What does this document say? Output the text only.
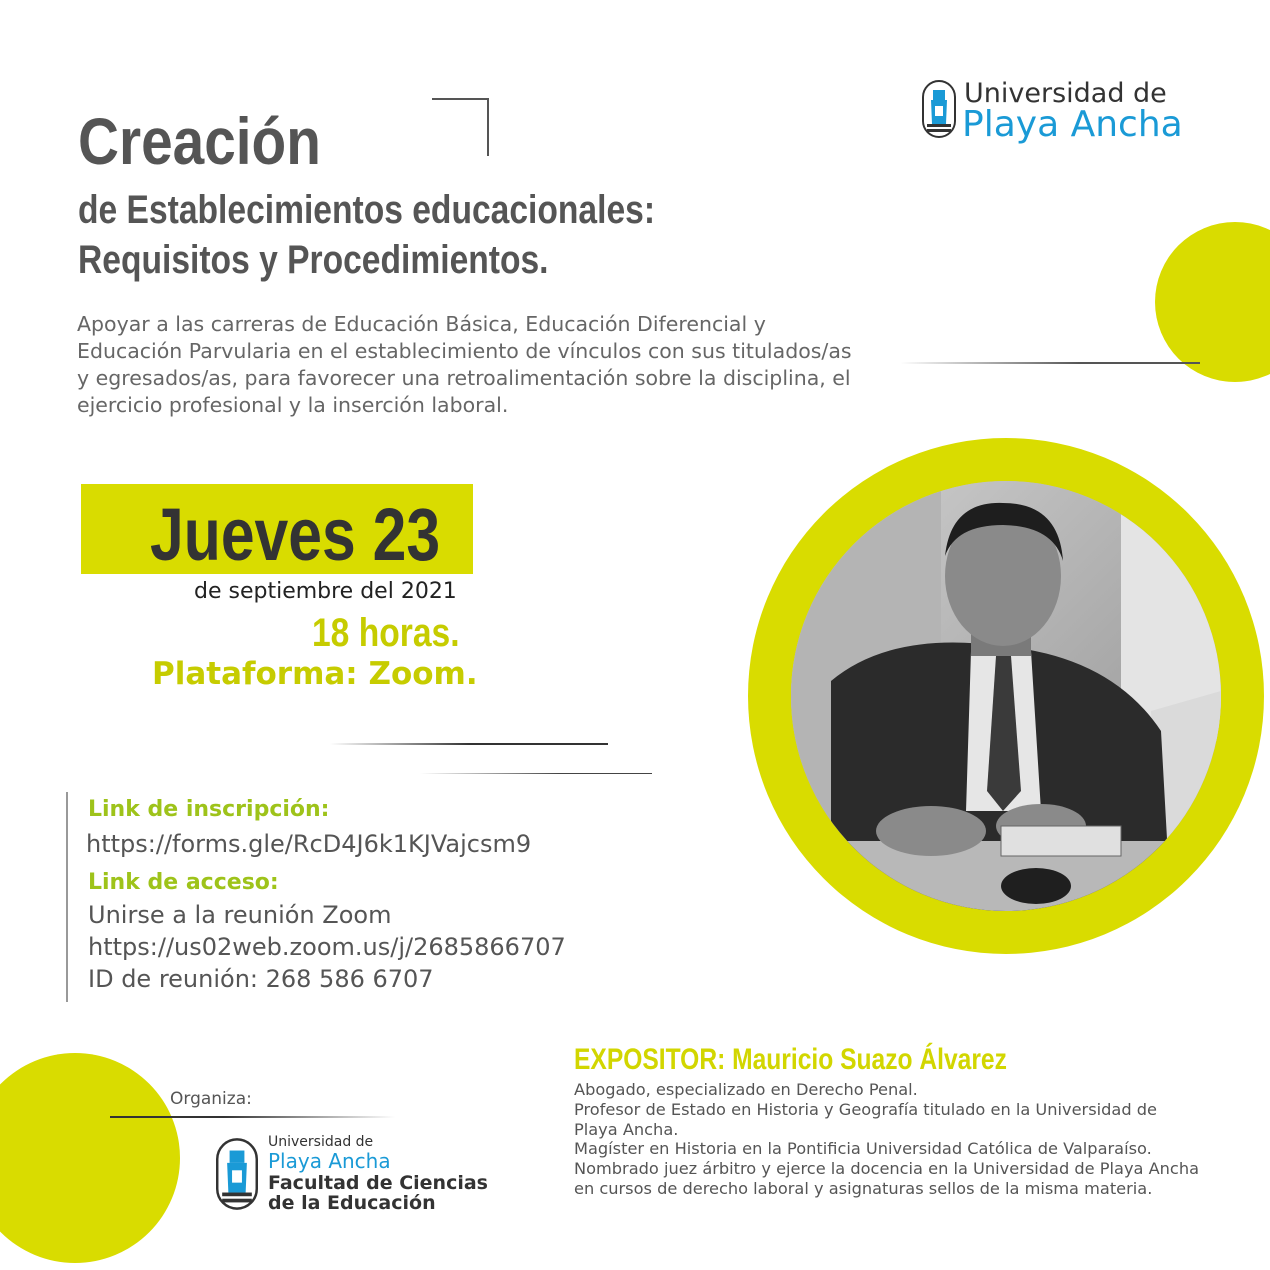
Universidad de
Playa Ancha
Creación
de Establecimientos educacionales:
Requisitos y Procedimientos.
Apoyar a las carreras de Educación Básica, Educación Diferencial y Educación Parvularia en el establecimiento de vínculos con sus titulados/as y egresados/as, para favorecer una retroalimentación sobre la disciplina, el ejercicio profesional y la inserción laboral.
Jueves 23
de septiembre del 2021
18 horas.
Plataforma: Zoom.
Link de inscripción:
https://forms.gle/RcD4J6k1KJVajcsm9
Link de acceso:
Unirse a la reunión Zoom
https://us02web.zoom.us/j/2685866707
ID de reunión: 268 586 6707
EXPOSITOR: Mauricio Suazo Álvarez
Abogado, especializado en Derecho Penal.
Profesor de Estado en Historia y Geografía titulado en la Universidad de
Playa Ancha.
Magíster en Historia en la Pontificia Universidad Católica de Valparaíso.
Nombrado juez árbitro y ejerce la docencia en la Universidad de Playa Ancha
en cursos de derecho laboral y asignaturas sellos de la misma materia.
Organiza:
Universidad de
Playa Ancha
Facultad de Ciencias
de la Educación
